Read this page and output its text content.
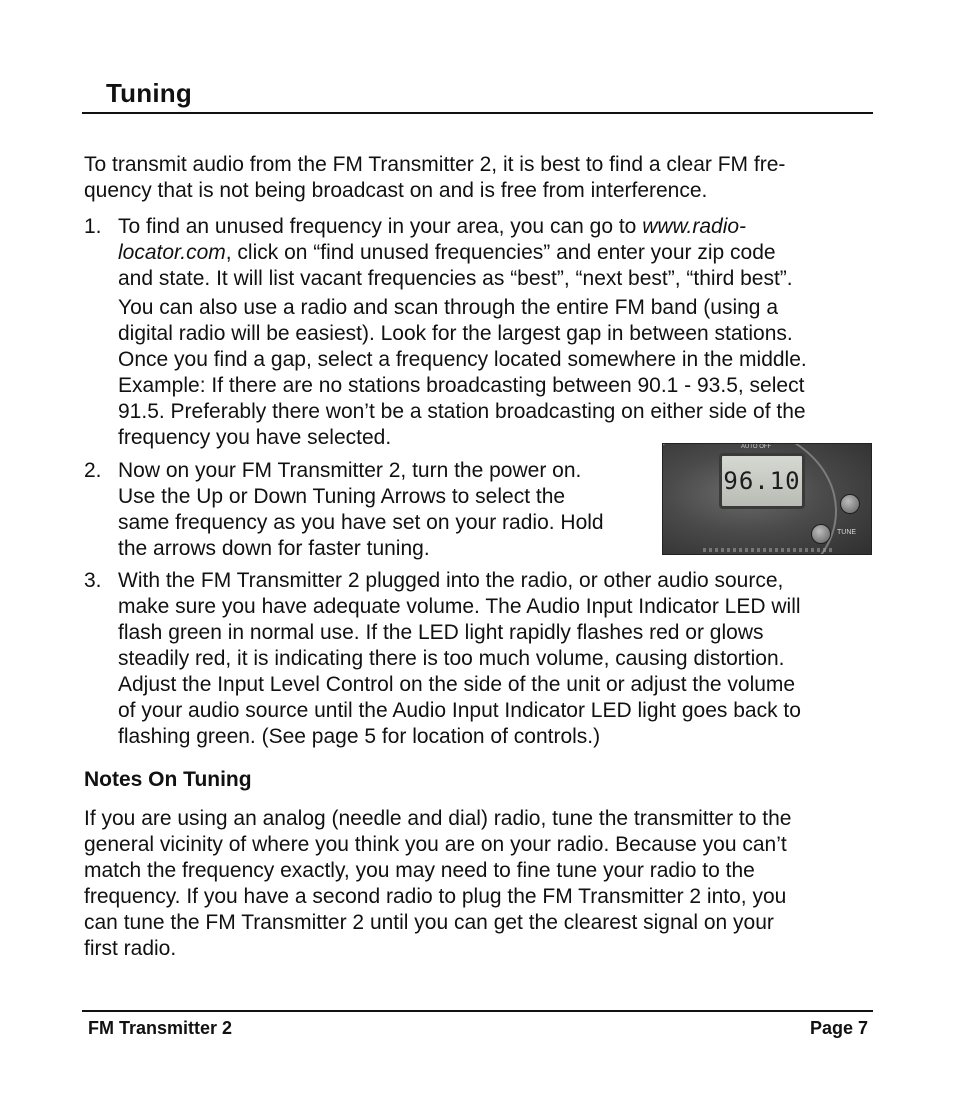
Tuning
To transmit audio from the FM Transmitter 2, it is best to find a clear FM fre-
quency that is not being broadcast on and is free from interference.
1. To find an unused frequency in your area, you can go to www.radio-
locator.com, click on “find unused frequencies” and enter your zip code
and state. It will list vacant frequencies as “best”, “next best”, “third best”.
You can also use a radio and scan through the entire FM band (using a
digital radio will be easiest). Look for the largest gap in between stations.
Once you find a gap, select a frequency located somewhere in the middle.
Example: If there are no stations broadcasting between 90.1 - 93.5, select
91.5. Preferably there won’t be a station broadcasting on either side of the
frequency you have selected.
2. Now on your FM Transmitter 2, turn the power on.
Use the Up or Down Tuning Arrows to select the
same frequency as you have set on your radio. Hold
the arrows down for faster tuning.
3. With the FM Transmitter 2 plugged into the radio, or other audio source,
make sure you have adequate volume. The Audio Input Indicator LED will
flash green in normal use. If the LED light rapidly flashes red or glows
steadily red, it is indicating there is too much volume, causing distortion.
Adjust the Input Level Control on the side of the unit or adjust the volume
of your audio source until the Audio Input Indicator LED light goes back to
flashing green. (See page 5 for location of controls.)
AUTO OFF
96.10
TUNE
Notes On Tuning
If you are using an analog (needle and dial) radio, tune the transmitter to the
general vicinity of where you think you are on your radio. Because you can’t
match the frequency exactly, you may need to fine tune your radio to the
frequency. If you have a second radio to plug the FM Transmitter 2 into, you
can tune the FM Transmitter 2 until you can get the clearest signal on your
first radio.
FM Transmitter 2	Page 7
